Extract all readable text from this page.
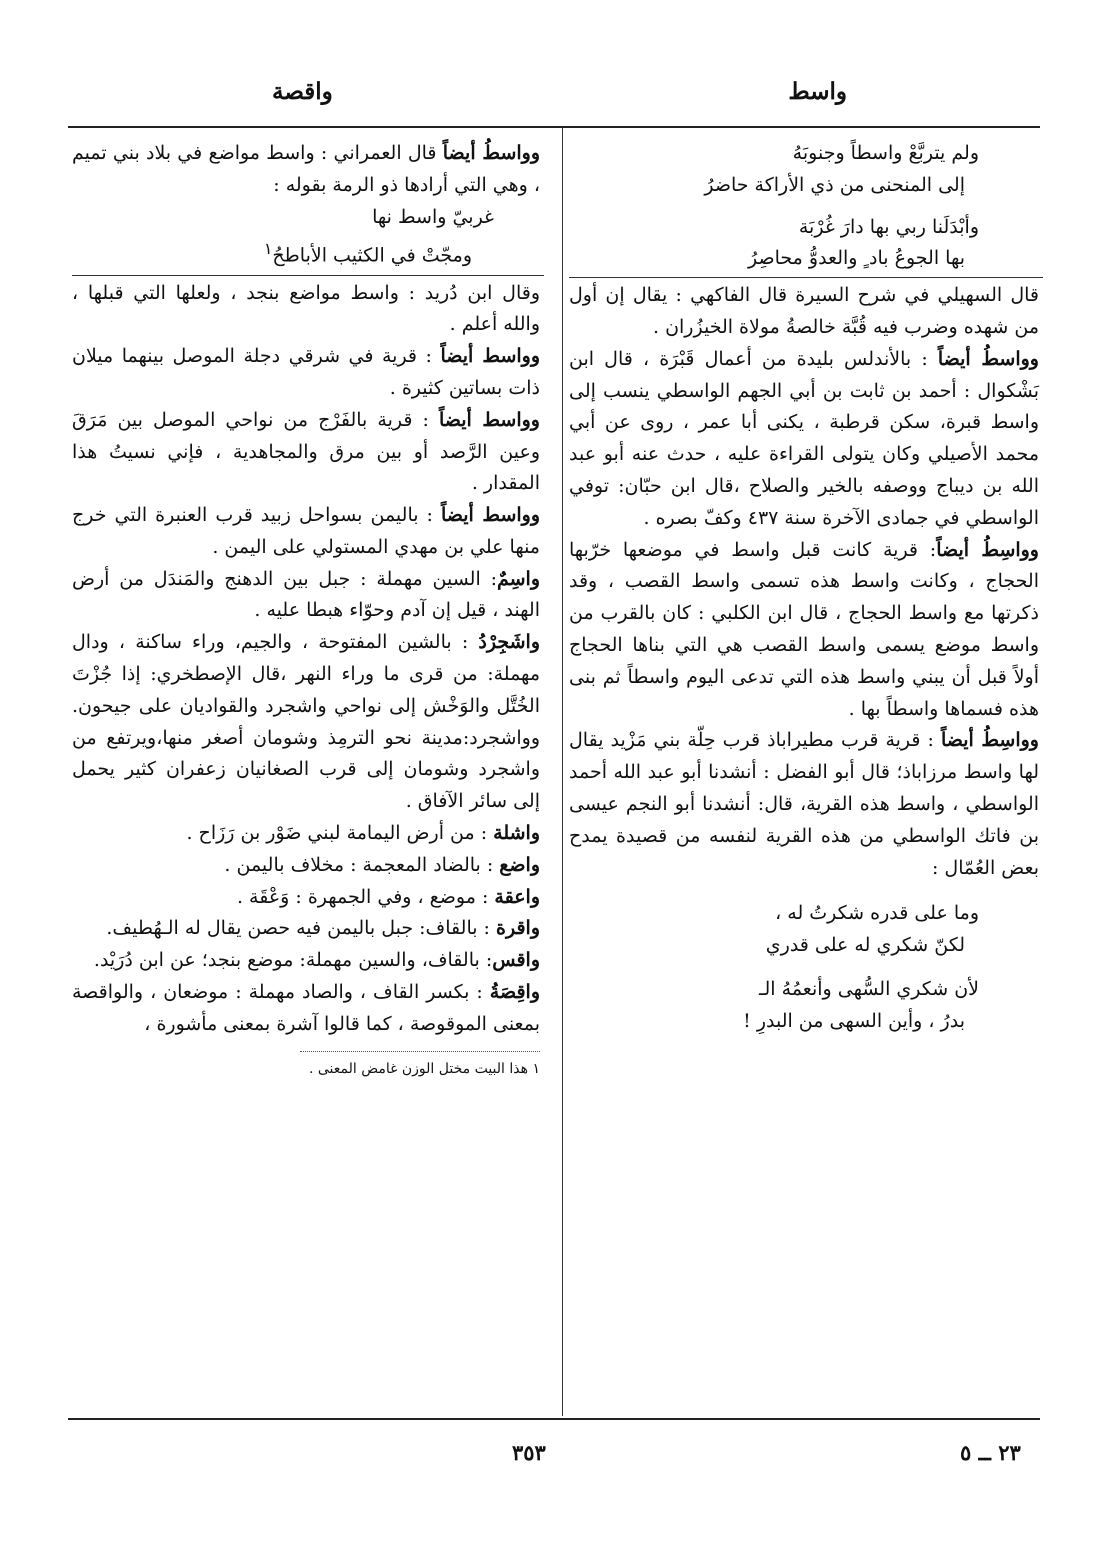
واسط
واقصة
ولم يتربَّعْ واسطاً وجنوبَهُ
إلى المنحنى من ذي الأراكة حاضرُ
وأبْدَلَنا ربي بها دارَ غُرْبَة
بها الجوعُ باد ٍ والعدوُّ محاصِرُ

قال السهيلي في شرح السيرة قال الفاكهي : يقال إن أول من شهده وضرب فيه قُبَّة خالصةُ مولاة الخيزُران .

وواسطُ أيضاً : بالأندلس بليدة من أعمال قَبْرَة ، قال ابن بَشْكوال : أحمد بن ثابت بن أبي الجهم الواسطي ينسب إلى واسط قبرة، سكن قرطبة ، يكنى أبا عمر ، روى عن أبي محمد الأصيلي وكان يتولى القراءة عليه ، حدث عنه أبو عبد الله بن ديباج ووصفه بالخير والصلاح ،قال ابن حبّان: توفي الواسطي في جمادى الآخرة سنة ٤٣٧ وكفّ بصره .

وواسِطُ أيضاً: قرية كانت قبل واسط في موضعها خرّبها الحجاج ، وكانت واسط هذه تسمى واسط القصب ، وقد ذكرتها مع واسط الحجاج ، قال ابن الكلبي : كان بالقرب من واسط موضع يسمى واسط القصب هي التي بناها الحجاج أولاً قبل أن يبني واسط هذه التي تدعى اليوم واسطاً ثم بنى هذه فسماها واسطاً بها .

وواسِطُ أيضاً : قرية قرب مطيراباذ قرب حِلّة بني مَزْيد يقال لها واسط مرزاباذ؛ قال أبو الفضل : أنشدنا أبو عبد الله أحمد الواسطي ، واسط هذه القرية، قال: أنشدنا أبو النجم عيسى بن فاتك الواسطي من هذه القرية لنفسه من قصيدة يمدح بعض العُمّال :

وما على قدره شكرتُ له ،
لكنّ شكري له على قدري
لأن شكري السُّهى وأنعمُهُ الـ
بدرُ ، وأين السهى من البدرِ !

وواسطُ أيضاً قال العمراني : واسط مواضع في بلاد بني تميم ، وهي التي أرادها ذو الرمة بقوله :

غربيّ واسط نها
ومجّتْ في الكثيب الأباطحُ$^١$

وقال ابن دُريد : واسط مواضع بنجد ، ولعلها التي قبلها ، والله أعلم .

وواسط أيضاً : قرية في شرقي دجلة الموصل بينهما ميلان ذات بساتين كثيرة .

وواسط أيضاً : قرية بالفَرْج من نواحي الموصل بين مَرَقَ وعين الرَّصد أو بين مرق والمجاهدية ، فإني نسيتُ هذا المقدار .

وواسط أيضاً : باليمن بسواحل زبيد قرب العنبرة التي خرج منها علي بن مهدي المستولي على اليمن .

واسِمٌ: السين مهملة : جبل بين الدهنج والمَندَل من أرض الهند ، قيل إن آدم وحوّاء هبطا عليه .

واشَجِرْدُ : بالشين المفتوحة ، والجيم، وراء ساكنة ، ودال مهملة: من قرى ما وراء النهر ،قال الإصطخري: إذا جُزْتَ الخُتَّل والوَخْش إلى نواحي واشجرد والقواديان على جيحون. وواشجرد:مدينة نحو الترمِذ وشومان أصغر منها،ويرتفع من واشجرد وشومان إلى قرب الصغانيان زعفران كثير يحمل إلى سائر الآفاق .

واشلة : من أرض اليمامة لبني ضَوْر بن رَزَاح .

واضع : بالضاد المعجمة : مخلاف باليمن .

واعقة : موضع ، وفي الجمهرة : وَعْقَة .

واقرة : بالقاف: جبل باليمن فيه حصن يقال له الـهُطيف.

واقس: بالقاف، والسين مهملة: موضع بنجد؛ عن ابن دُرَيْد.

واقِصَةُ : بكسر القاف ، والصاد مهملة : موضعان ، والواقصة بمعنى الموقوصة ، كما قالوا آشرة بمعنى مأشورة ،

١ هذا البيت مختل الوزن غامض المعنى .
٣٥٣	٢٣ ــ ٥
